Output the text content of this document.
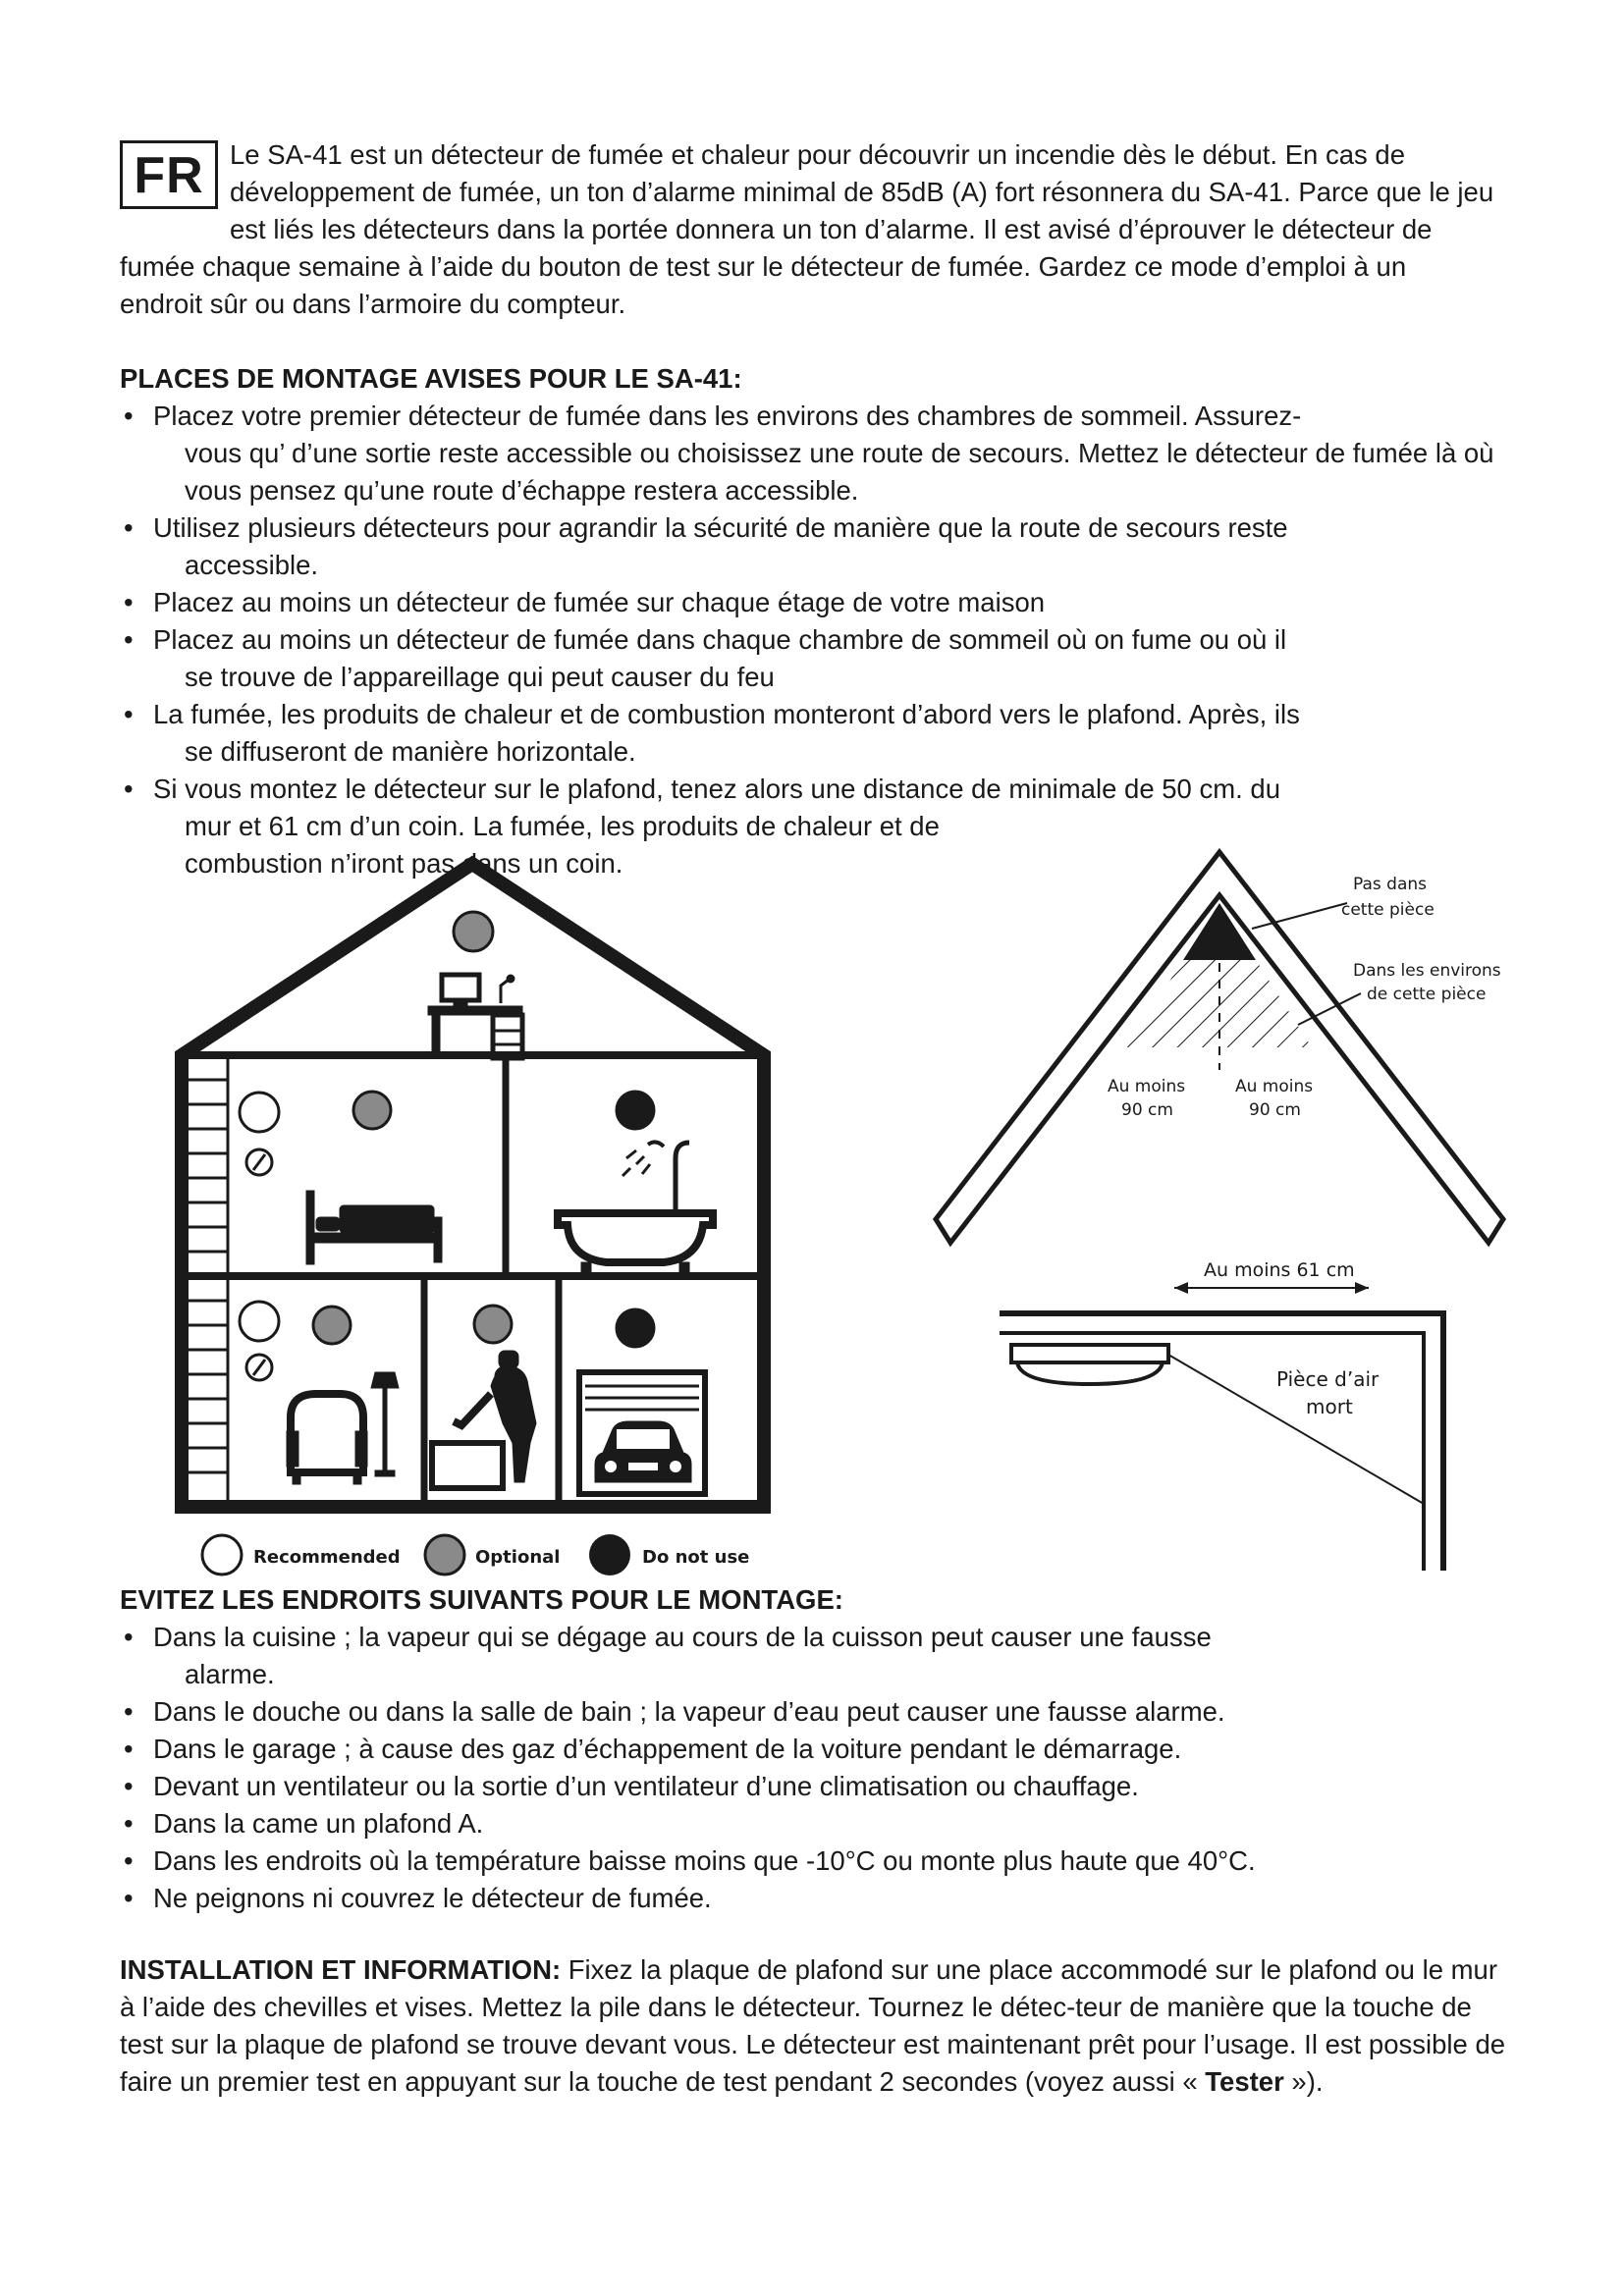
FR Le SA-41 est un détecteur de fumée et chaleur pour découvrir un incendie dès le début. En cas de développement de fumée, un ton d’alarme minimal de 85dB (A) fort résonnera du SA-41. Parce que le jeu est liés les détecteurs dans la portée donnera un ton d’alarme. Il est avisé d’éprouver le détecteur de fumée chaque semaine à l’aide du bouton de test sur le détecteur de fumée. Gardez ce mode d’emploi à un endroit sûr ou dans l’armoire du compteur.
PLACES DE MONTAGE AVISES POUR LE SA-41:
• Placez votre premier détecteur de fumée dans les environs des chambres de sommeil. Assurez-
vous qu’ d’une sortie reste accessible ou choisissez une route de secours. Mettez le détecteur de fumée là où vous pensez qu’une route d’échappe restera accessible.
• Utilisez plusieurs détecteurs pour agrandir la sécurité de manière que la route de secours reste
accessible.
• Placez au moins un détecteur de fumée sur chaque étage de votre maison
• Placez au moins un détecteur de fumée dans chaque chambre de sommeil où on fume ou où il
se trouve de l’appareillage qui peut causer du feu
• La fumée, les produits de chaleur et de combustion monteront d’abord vers le plafond. Après, ils
se diffuseront de manière horizontale.
• Si vous montez le détecteur sur le plafond, tenez alors une distance de minimale de 50 cm. du
mur et 61 cm d’un coin. La fumée, les produits de chaleur et de combustion n’iront pas dans un coin.
Recommended	Optional	Do not use
Pas dans
cette pièce
Dans les environs
de cette pièce
Au moins
90 cm
Au moins
90 cm
Au moins 61 cm
Pièce d’air
mort
EVITEZ LES ENDROITS SUIVANTS POUR LE MONTAGE:
• Dans la cuisine ; la vapeur qui se dégage au cours de la cuisson peut causer une fausse
alarme.
• Dans le douche ou dans la salle de bain ; la vapeur d’eau peut causer une fausse alarme.
• Dans le garage ; à cause des gaz d’échappement de la voiture pendant le démarrage.
• Devant un ventilateur ou la sortie d’un ventilateur d’une climatisation ou chauffage.
• Dans la came un plafond A.
• Dans les endroits où la température baisse moins que -10°C ou monte plus haute que 40°C.
• Ne peignons ni couvrez le détecteur de fumée.
INSTALLATION ET INFORMATION: Fixez la plaque de plafond sur une place accommodé sur le plafond ou le mur à l’aide des chevilles et vises. Mettez la pile dans le détecteur. Tournez le détec-teur de manière que la touche de test sur la plaque de plafond se trouve devant vous. Le détecteur est maintenant prêt pour l’usage. Il est possible de faire un premier test en appuyant sur la touche de test pendant 2 secondes (voyez aussi « Tester »).
